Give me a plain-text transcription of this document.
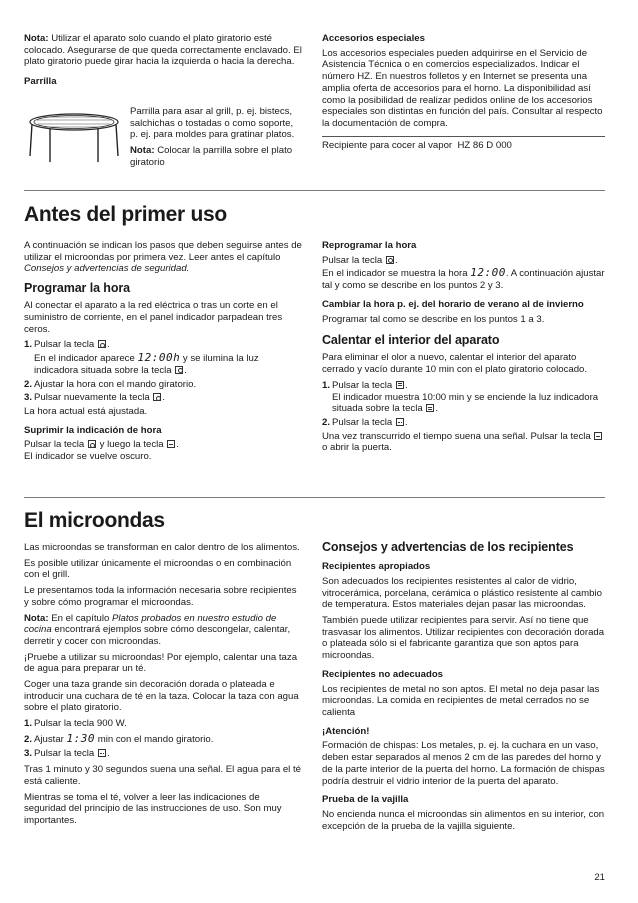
Nota: Utilizar el aparato solo cuando el plato giratorio esté colocado. Asegurarse de que queda correctamente enclavado. El plato giratorio puede girar hacia la izquierda o hacia la derecha.

Parrilla

Parrilla para asar al grill, p. ej. bistecs, salchichas o tostadas o como soporte, p. ej. para moldes para gratinar platos.

Nota: Colocar la parrilla sobre el plato giratorio

Accesorios especiales

Los accesorios especiales pueden adquirirse en el Servicio de Asistencia Técnica o en comercios especializados. Indicar el número HZ. En nuestros folletos y en Internet se presenta una amplia oferta de accesorios para el horno. La disponibilidad así como la posibilidad de realizar pedidos online de los accesorios especiales son distintas en función del país. Consultar al respecto la documentación de compra.

Recipiente para cocer al vapor HZ 86 D 000
Antes del primer uso

A continuación se indican los pasos que deben seguirse antes de utilizar el microondas por primera vez. Leer antes el capítulo Consejos y advertencias de seguridad.

Programar la hora

Al conectar el aparato a la red eléctrica o tras un corte en el suministro de corriente, en el panel indicador parpadean tres ceros.

1. Pulsar la tecla .
En el indicador aparece 12:00h y se ilumina la luz indicadora situada sobre la tecla .
2. Ajustar la hora con el mando giratorio.
3. Pulsar nuevamente la tecla .

La hora actual está ajustada.

Suprimir la indicación de hora

Pulsar la tecla y luego la tecla .
El indicador se vuelve oscuro.

Reprogramar la hora

Pulsar la tecla .
En el indicador se muestra la hora 12:00. A continuación ajustar tal y como se describe en los puntos 2 y 3.

Cambiar la hora p. ej. del horario de verano al de invierno

Programar tal como se describe en los puntos 1 a 3.

Calentar el interior del aparato

Para eliminar el olor a nuevo, calentar el interior del aparato cerrado y vacío durante 10 min con el plato giratorio colocado.

1. Pulsar la tecla .
El indicador muestra 10:00 min y se enciende la luz indicadora situada sobre la tecla .
2. Pulsar la tecla .

Una vez transcurrido el tiempo suena una señal. Pulsar la tecla  o abrir la puerta.

El microondas

Las microondas se transforman en calor dentro de los alimentos.

Es posible utilizar únicamente el microondas o en combinación con el grill.

Le presentamos toda la información necesaria sobre recipientes y sobre cómo programar el microondas.

Nota: En el capítulo Platos probados en nuestro estudio de cocina encontrará ejemplos sobre cómo descongelar, calentar, derretir y cocer con microondas.

¡Pruebe a utilizar su microondas! Por ejemplo, calentar una taza de agua para preparar un té.

Coger una taza grande sin decoración dorada o plateada e introducir una cuchara de té en la taza. Colocar la taza con agua sobre el plato giratorio.

1. Pulsar la tecla 900 W.
2. Ajustar 1:30 min con el mando giratorio.
3. Pulsar la tecla .

Tras 1 minuto y 30 segundos suena una señal. El agua para el té está caliente.

Mientras se toma el té, volver a leer las indicaciones de seguridad del principio de las instrucciones de uso. Son muy importantes.

Consejos y advertencias de los recipientes
Recipientes apropiados

Son adecuados los recipientes resistentes al calor de vidrio, vitrocerámica, porcelana, cerámica o plástico resistente al cambio de temperatura. Estos materiales dejan pasar las microondas.

También puede utilizar recipientes para servir. Así no tiene que trasvasar los alimentos. Utilizar recipientes con decoración dorada o plateada sólo si el fabricante garantiza que son aptos para microondas.

Recipientes no adecuados

Los recipientes de metal no son aptos. El metal no deja pasar las microondas. La comida en recipientes de metal cerrados no se calienta

¡Atención!

Formación de chispas: Los metales, p. ej. la cuchara en un vaso, deben estar separados al menos 2 cm de las paredes del horno y de la parte interior de la puerta del horno. La formación de chispas podría destruir el vidrio interior de la puerta del aparato.

Prueba de la vajilla

No encienda nunca el microondas sin alimentos en su interior, con excepción de la prueba de la vajilla siguiente.

21
